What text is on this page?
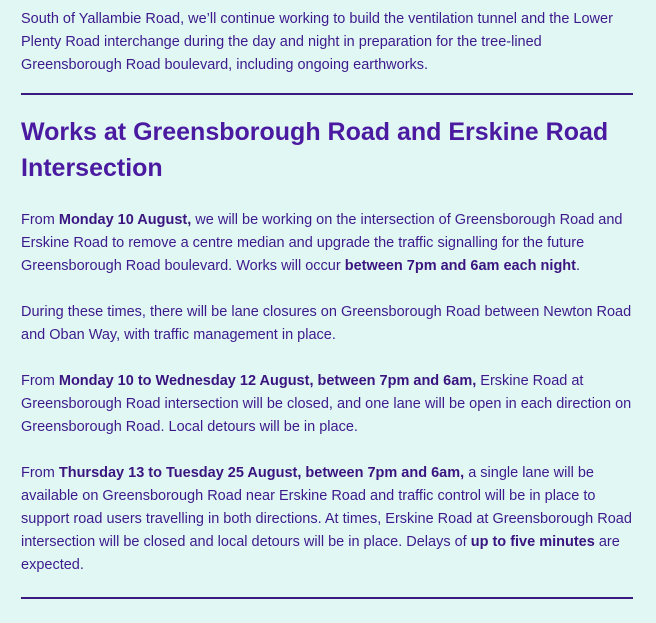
South of Yallambie Road, we’ll continue working to build the ventilation tunnel and the Lower Plenty Road interchange during the day and night in preparation for the tree-lined Greensborough Road boulevard, including ongoing earthworks.

Works at Greensborough Road and Erskine Road Intersection

From Monday 10 August, we will be working on the intersection of Greensborough Road and Erskine Road to remove a centre median and upgrade the traffic signalling for the future Greensborough Road boulevard. Works will occur between 7pm and 6am each night.

During these times, there will be lane closures on Greensborough Road between Newton Road and Oban Way, with traffic management in place.

From Monday 10 to Wednesday 12 August, between 7pm and 6am, Erskine Road at Greensborough Road intersection will be closed, and one lane will be open in each direction on Greensborough Road. Local detours will be in place.

From Thursday 13 to Tuesday 25 August, between 7pm and 6am, a single lane will be available on Greensborough Road near Erskine Road and traffic control will be in place to support road users travelling in both directions. At times, Erskine Road at Greensborough Road intersection will be closed and local detours will be in place. Delays of up to five minutes are expected.
